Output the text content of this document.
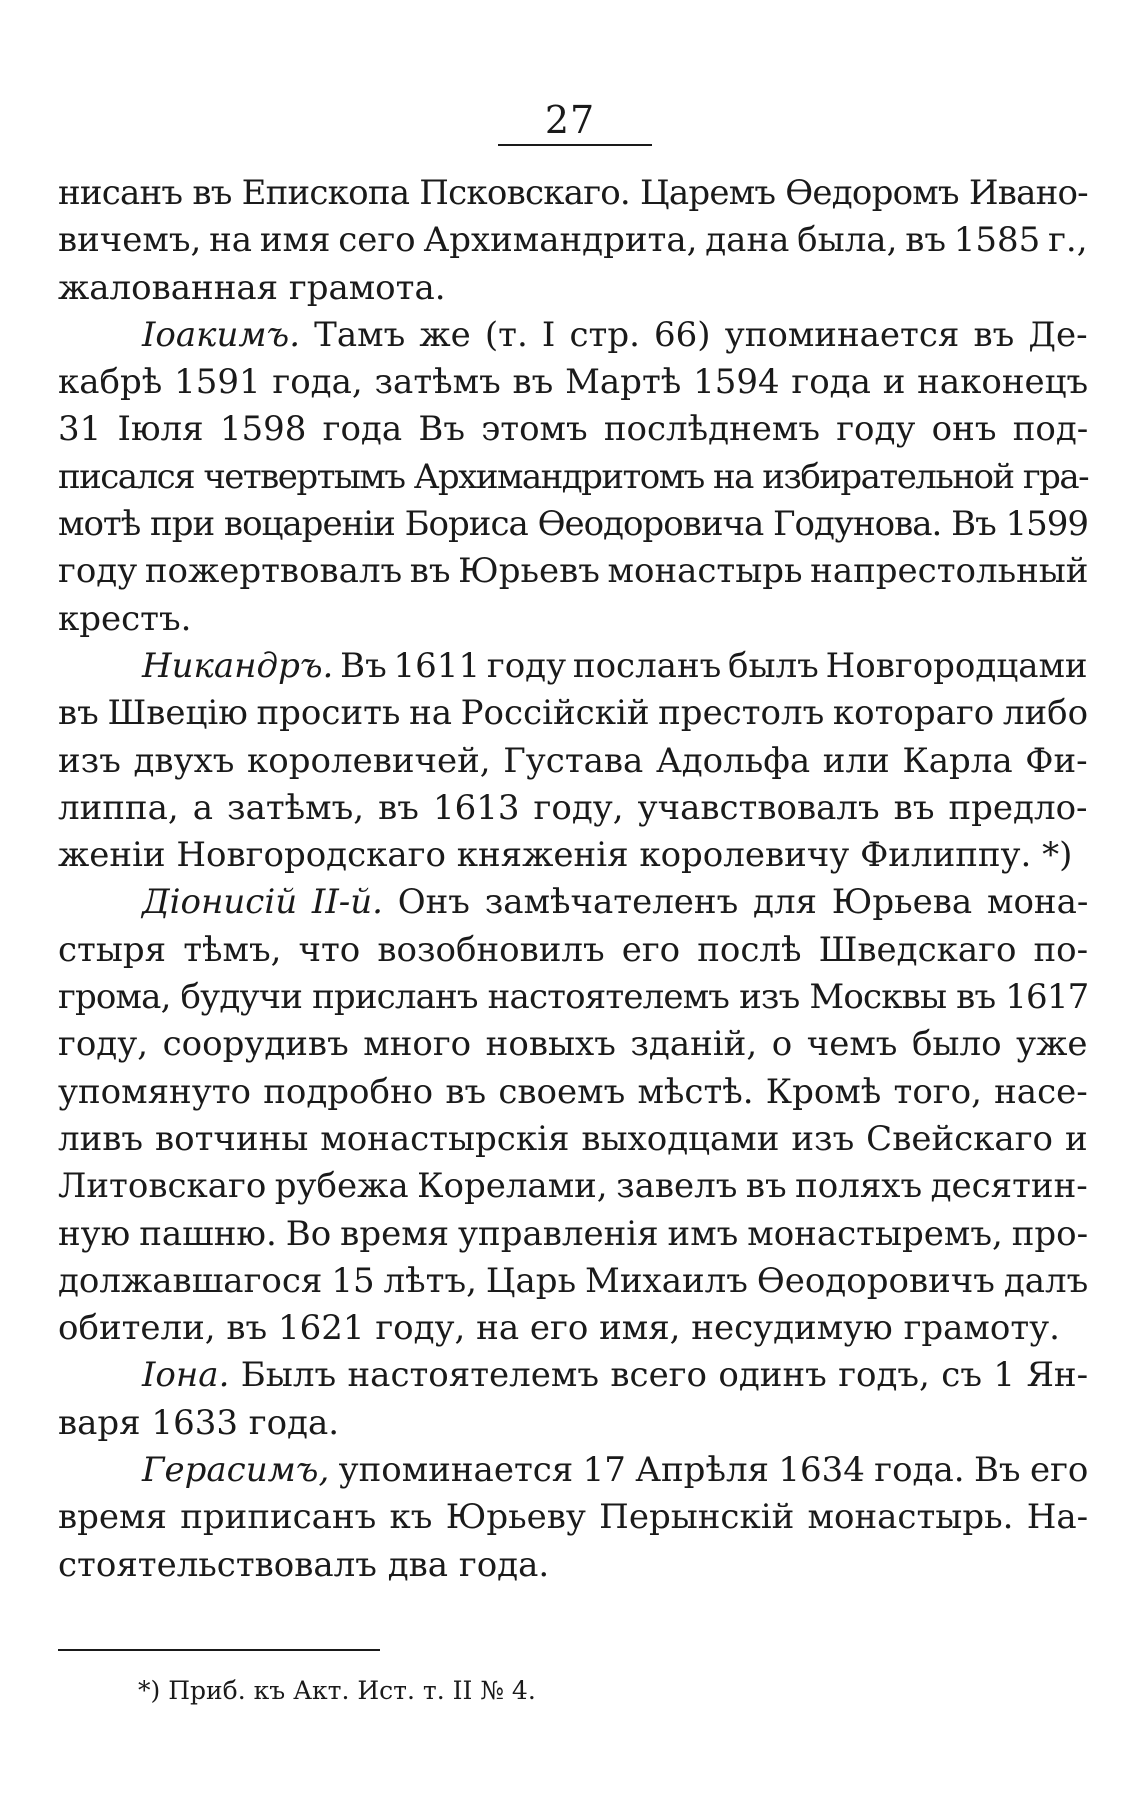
27

нисанъ въ Епископа Псковскаго. Царемъ Ѳедоромъ Ивано-
вичемъ, на имя сего Архимандрита, дана была, въ 1585 г.,
жалованная грамота.

Іоакимъ. Тамъ же (т. I стр. 66) упоминается въ Де-
кабрѣ 1591 года, затѣмъ въ Мартѣ 1594 года и наконецъ
31 Іюля 1598 года Въ этомъ послѣднемъ году онъ под-
писался четвертымъ Архимандритомъ на избирательной гра-
мотѣ при воцареніи Бориса Ѳеодоровича Годунова. Въ 1599
году пожертвовалъ въ Юрьевъ монастырь напрестольный
крестъ.

Никандръ. Въ 1611 году посланъ былъ Новгородцами
въ Швецію просить на Россійскій престолъ котораго либо
изъ двухъ королевичей, Густава Адольфа или Карла Фи-
липпа, а затѣмъ, въ 1613 году, учавствовалъ въ предло-
женіи Новгородскаго княженія королевичу Филиппу. *)

Діонисій II-й. Онъ замѣчателенъ для Юрьева мона-
стыря тѣмъ, что возобновилъ его послѣ Шведскаго по-
грома, будучи присланъ настоятелемъ изъ Москвы въ 1617
году, соорудивъ много новыхъ зданій, о чемъ было уже
упомянуто подробно въ своемъ мѣстѣ. Кромѣ того, насе-
ливъ вотчины монастырскія выходцами изъ Свейскаго и
Литовскаго рубежа Корелами, завелъ въ поляхъ десятин-
ную пашню. Во время управленія имъ монастыремъ, про-
должавшагося 15 лѣтъ, Царь Михаилъ Ѳеодоровичъ далъ
обители, въ 1621 году, на его имя, несудимую грамоту.

Іона. Былъ настоятелемъ всего одинъ годъ, съ 1 Ян-
варя 1633 года.

Герасимъ, упоминается 17 Апрѣля 1634 года. Въ его
время приписанъ къ Юрьеву Перынскій монастырь. На-
стоятельствовалъ два года.

*) Приб. къ Акт. Ист. т. II № 4.
